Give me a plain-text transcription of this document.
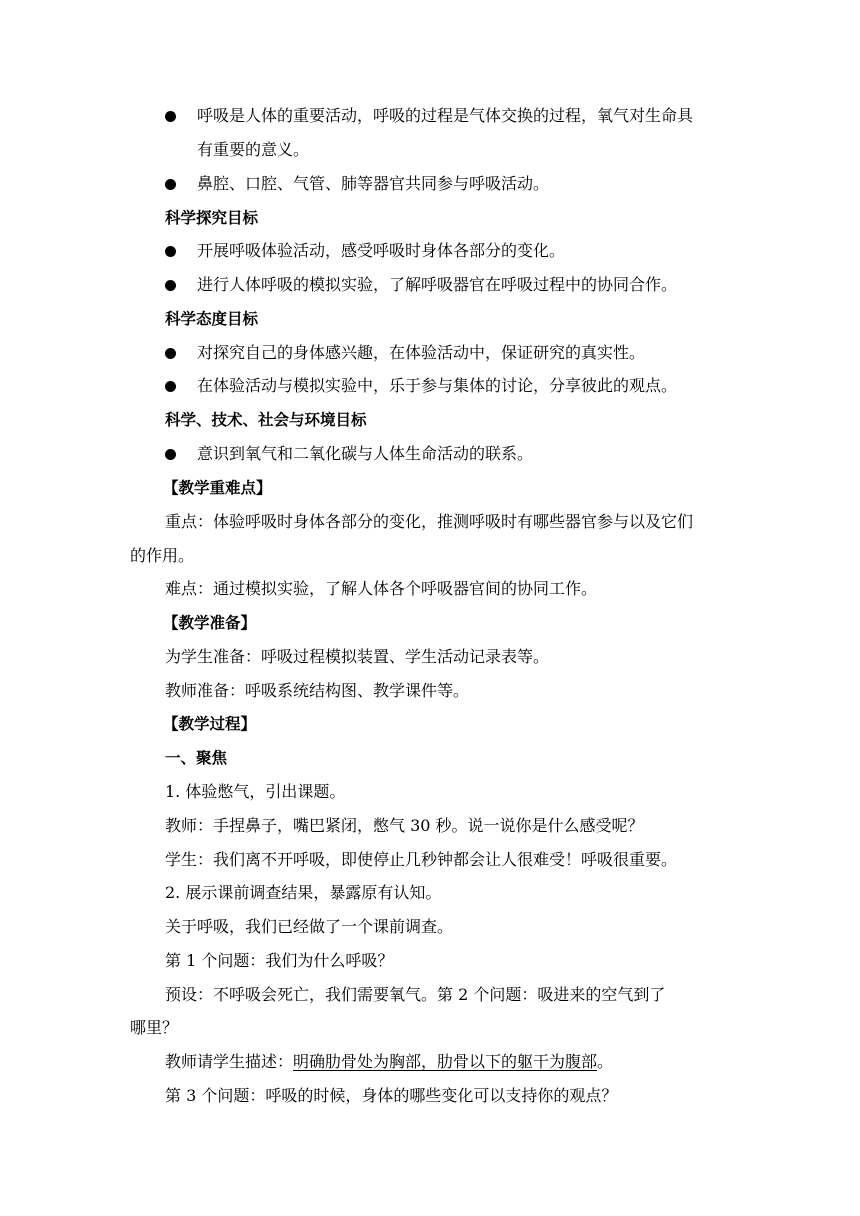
呼吸是人体的重要活动，呼吸的过程是气体交换的过程，氧气对生命具
有重要的意义。
鼻腔、口腔、气管、肺等器官共同参与呼吸活动。
科学探究目标
开展呼吸体验活动，感受呼吸时身体各部分的变化。
进行人体呼吸的模拟实验，了解呼吸器官在呼吸过程中的协同合作。
科学态度目标
对探究自己的身体感兴趣，在体验活动中，保证研究的真实性。
在体验活动与模拟实验中，乐于参与集体的讨论，分享彼此的观点。
科学、技术、社会与环境目标
意识到氧气和二氧化碳与人体生命活动的联系。
【教学重难点】
重点：体验呼吸时身体各部分的变化，推测呼吸时有哪些器官参与以及它们
的作用。
难点：通过模拟实验，了解人体各个呼吸器官间的协同工作。
【教学准备】
为学生准备：呼吸过程模拟装置、学生活动记录表等。
教师准备：呼吸系统结构图、教学课件等。
【教学过程】
一、聚焦
1. 体验憋气，引出课题。
教师：手捏鼻子，嘴巴紧闭，憋气 30 秒。说一说你是什么感受呢？
学生：我们离不开呼吸，即使停止几秒钟都会让人很难受！呼吸很重要。
2. 展示课前调查结果，暴露原有认知。
关于呼吸，我们已经做了一个课前调查。
第 1 个问题：我们为什么呼吸？
预设：不呼吸会死亡，我们需要氧气。第 2 个问题：吸进来的空气到了
哪里？
教师请学生描述：明确肋骨处为胸部，肋骨以下的躯干为腹部。
第 3 个问题：呼吸的时候，身体的哪些变化可以支持你的观点？
